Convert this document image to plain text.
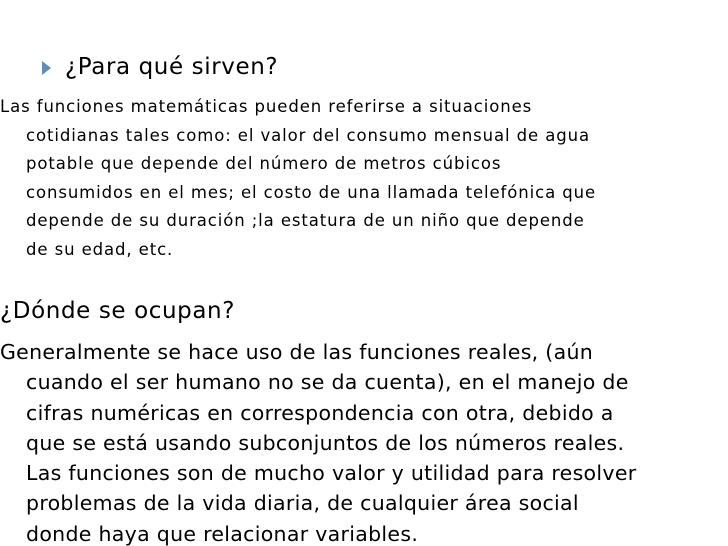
¿Para qué sirven?
Las funciones matemáticas pueden referirse a situaciones
cotidianas tales como: el valor del consumo mensual de agua
potable que depende del número de metros cúbicos
consumidos en el mes; el costo de una llamada telefónica que
depende de su duración ;la estatura de un niño que depende
de su edad, etc.
¿Dónde se ocupan?
Generalmente se hace uso de las funciones reales, (aún
cuando el ser humano no se da cuenta), en el manejo de
cifras numéricas en correspondencia con otra, debido a
que se está usando subconjuntos de los números reales.
Las funciones son de mucho valor y utilidad para resolver
problemas de la vida diaria, de cualquier área social
donde haya que relacionar variables.
